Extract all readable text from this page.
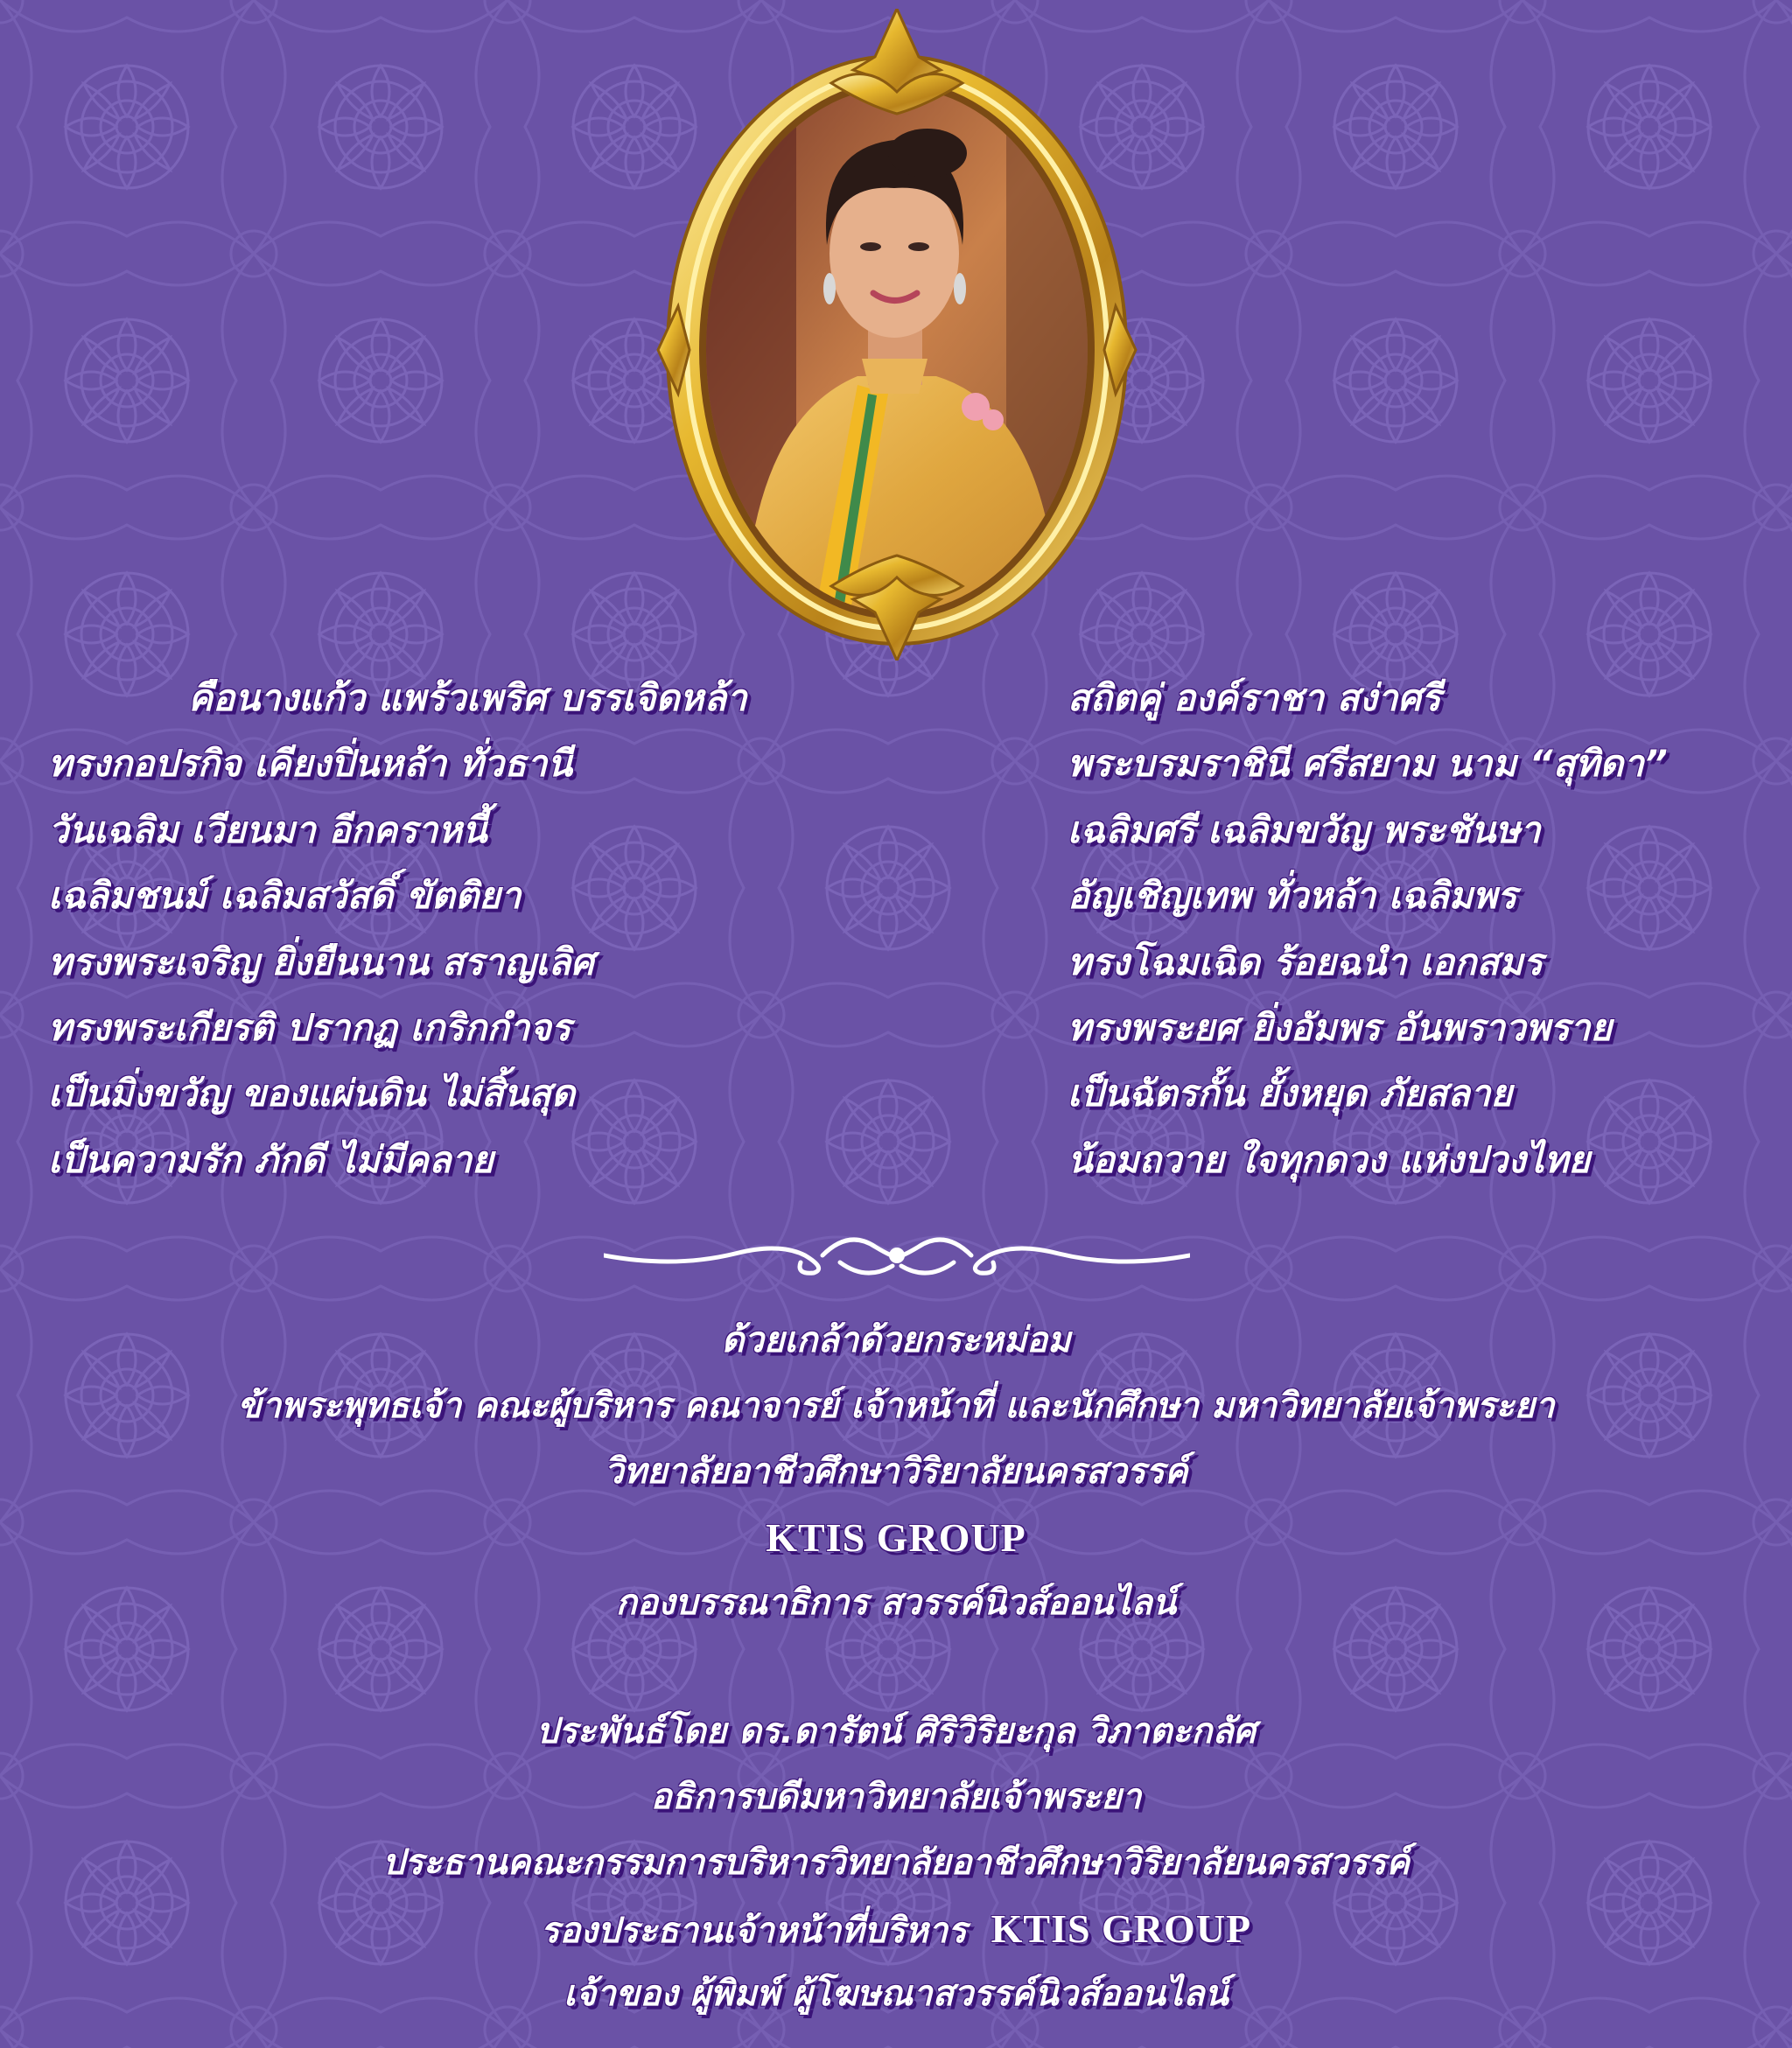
คือนางแก้ว แพร้วเพริศ บรรเจิดหล้า
ทรงกอปรกิจ เคียงปิ่นหล้า ทั่วธานี
วันเฉลิม เวียนมา อีกคราหนี้
เฉลิมชนม์ เฉลิมสวัสดิ์ ขัตติยา
ทรงพระเจริญ ยิ่งยืนนาน สราญเลิศ
ทรงพระเกียรติ ปรากฏ เกริกกำจร
เป็นมิ่งขวัญ ของแผ่นดิน ไม่สิ้นสุด
เป็นความรัก ภักดี ไม่มีคลาย
สถิตคู่ องค์ราชา สง่าศรี
พระบรมราชินี ศรีสยาม นาม “สุทิดา”
เฉลิมศรี เฉลิมขวัญ พระชันษา
อัญเชิญเทพ ทั่วหล้า เฉลิมพร
ทรงโฉมเฉิด ร้อยฉนำ เอกสมร
ทรงพระยศ ยิ่งอัมพร อันพราวพราย
เป็นฉัตรกั้น ยั้งหยุด ภัยสลาย
น้อมถวาย ใจทุกดวง แห่งปวงไทย
ด้วยเกล้าด้วยกระหม่อม
ข้าพระพุทธเจ้า คณะผู้บริหาร คณาจารย์ เจ้าหน้าที่ และนักศึกษา มหาวิทยาลัยเจ้าพระยา
วิทยาลัยอาชีวศึกษาวิริยาลัยนครสวรรค์
KTIS GROUP
กองบรรณาธิการ สวรรค์นิวส์ออนไลน์
ประพันธ์โดย ดร.ดารัตน์ ศิริวิริยะกุล วิภาตะกลัศ
อธิการบดีมหาวิทยาลัยเจ้าพระยา
ประธานคณะกรรมการบริหารวิทยาลัยอาชีวศึกษาวิริยาลัยนครสวรรค์
รองประธานเจ้าหน้าที่บริหาร KTIS GROUP
เจ้าของ ผู้พิมพ์ ผู้โฆษณาสวรรค์นิวส์ออนไลน์
